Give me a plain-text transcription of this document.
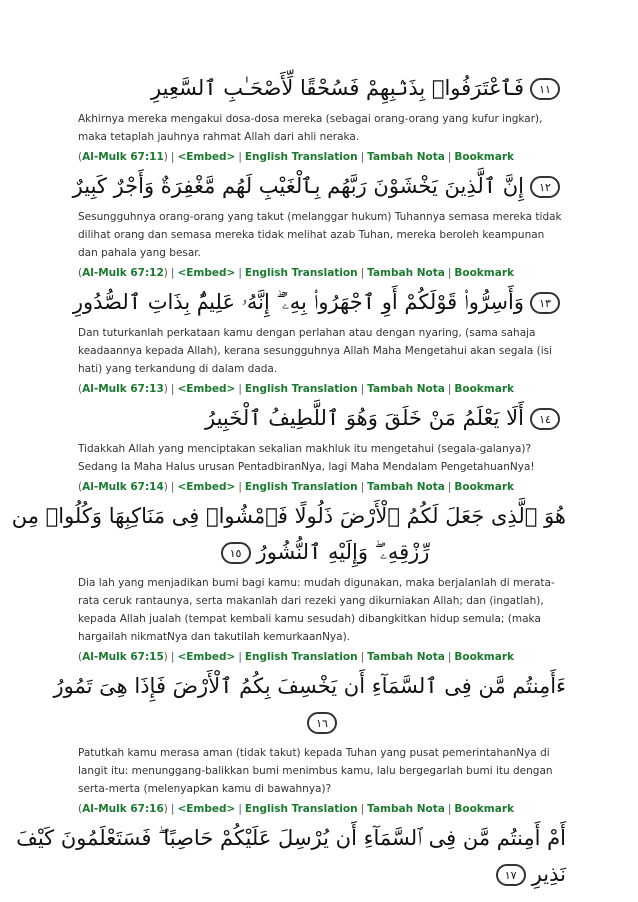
١١فَٱعْتَرَفُوا۟ بِذَنۢبِهِمْ فَسُحْقًا لِّأَصْحَـٰبِ ٱلسَّعِيرِ
Akhirnya mereka mengakui dosa-dosa mereka (sebagai orang-orang yang kufur ingkar), maka tetaplah jauhnya rahmat Allah dari ahli neraka.
(Al-Mulk 67:11) | <Embed> | English Translation | Tambah Nota | Bookmark
١٢إِنَّ ٱلَّذِينَ يَخْشَوْنَ رَبَّهُم بِٱلْغَيْبِ لَهُم مَّغْفِرَةٌ وَأَجْرٌ كَبِيرٌ
Sesungguhnya orang-orang yang takut (melanggar hukum) Tuhannya semasa mereka tidak dilihat orang dan semasa mereka tidak melihat azab Tuhan, mereka beroleh keampunan dan pahala yang besar.
(Al-Mulk 67:12) | <Embed> | English Translation | Tambah Nota | Bookmark
١٣وَأَسِرُّوا۟ قَوْلَكُمْ أَوِ ٱجْهَرُوا۟ بِهِۦٓ ۖ إِنَّهُۥ عَلِيمٌۢ بِذَاتِ ٱلصُّدُورِ
Dan tuturkanlah perkataan kamu dengan perlahan atau dengan nyaring, (sama sahaja keadaannya kepada Allah), kerana sesungguhnya Allah Maha Mengetahui akan segala (isi hati) yang terkandung di dalam dada.
(Al-Mulk 67:13) | <Embed> | English Translation | Tambah Nota | Bookmark
١٤أَلَا يَعْلَمُ مَنْ خَلَقَ وَهُوَ ٱللَّطِيفُ ٱلْخَبِيرُ
Tidakkah Allah yang menciptakan sekalian makhluk itu mengetahui (segala-galanya)? Sedang Ia Maha Halus urusan PentadbiranNya, lagi Maha Mendalam PengetahuanNya!
(Al-Mulk 67:14) | <Embed> | English Translation | Tambah Nota | Bookmark
هُوَ ٱلَّذِى جَعَلَ لَكُمُ ٱلْأَرْضَ ذَلُولًا فَٱمْشُوا۟ فِى مَنَاكِبِهَا وَكُلُوا۟ مِن
رِّزْقِهِۦ ۖ وَإِلَيْهِ ٱلنُّشُورُ١٥
Dia lah yang menjadikan bumi bagi kamu: mudah digunakan, maka berjalanlah di merata-rata ceruk rantaunya, serta makanlah dari rezeki yang dikurniakan Allah; dan (ingatlah), kepada Allah jualah (tempat kembali kamu sesudah) dibangkitkan hidup semula; (maka hargailah nikmatNya dan takutilah kemurkaanNya).
(Al-Mulk 67:15) | <Embed> | English Translation | Tambah Nota | Bookmark
ءَأَمِنتُم مَّن فِى ٱلسَّمَآءِ أَن يَخْسِفَ بِكُمُ ٱلْأَرْضَ فَإِذَا هِىَ تَمُورُ
١٦
Patutkah kamu merasa aman (tidak takut) kepada Tuhan yang pusat pemerintahanNya di langit itu: menunggang-balikkan bumi menimbus kamu, lalu bergegarlah bumi itu dengan serta-merta (melenyapkan kamu di bawahnya)?
(Al-Mulk 67:16) | <Embed> | English Translation | Tambah Nota | Bookmark
أَمْ أَمِنتُم مَّن فِى ٱلسَّمَآءِ أَن يُرْسِلَ عَلَيْكُمْ حَاصِبًا ۖ فَسَتَعْلَمُونَ كَيْفَ
نَذِيرِ١٧
